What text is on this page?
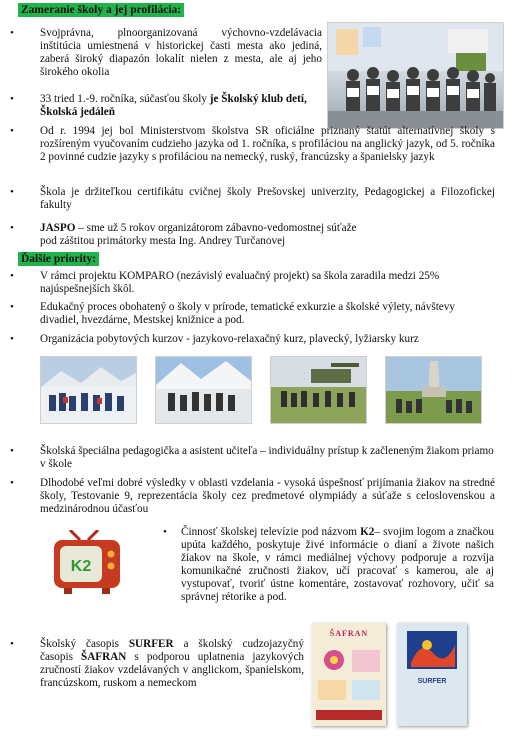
Zameranie školy a jej profilácia:
• Svojprávna, plnoorganizovaná výchovno-vzdelávacia inštitúcia umiestnená v historickej časti mesta ako jediná, zaberá široký diapazón lokalít nielen z mesta, ale aj jeho širokého okolia
• 33 tried 1.-9. ročníka, súčasťou školy je Školský klub detí, Školská jedáleň
• Od r. 1994 jej bol Ministerstvom školstva SR oficiálne priznaný štatút alternatívnej školy s rozšíreným vyučovaním cudzieho jazyka od 1. ročníka, s profiláciou na anglický jazyk, od 5. ročníka 2 povinné cudzie jazyky s profiláciou na nemecký, ruský, francúzsky a španielsky jazyk
• Škola je držiteľkou certifikátu cvičnej školy Prešovskej univerzity, Pedagogickej a Filozofickej fakulty
• JASPO – sme už 5 rokov organizátorom zábavno-vedomostnej súťaže pod záštitou primátorky mesta Ing. Andrey Turčanovej
Ďalšie priority:
• V rámci projektu KOMPARO (nezávislý evaluačný projekt) sa škola zaradila medzi 25% najúspešnejších škôl.
• Edukačný proces obohatený o školy v prírode, tematické exkurzie a školské výlety, návštevy divadiel, hvezdárne, Mestskej knižnice a pod.
• Organizácia pobytových kurzov - jazykovo-relaxačný kurz, plavecký, lyžiarsky kurz
• Školská špeciálna pedagogička a asistent učiteľa – individuálny prístup k začleneným žiakom priamo v škole
• Dlhodobé veľmi dobré výsledky v oblasti vzdelania - vysoká úspešnosť prijímania žiakov na stredné školy, Testovanie 9, reprezentácia školy cez predmetové olympiády a súťaže s celoslovenskou a medzinárodnou účasťou
K2
• Činnosť školskej televízie pod názvom K2– svojim logom a značkou upúta každého, poskytuje živé informácie o dianí a živote našich žiakov na škole, v rámci mediálnej výchovy podporuje a rozvíja komunikačné zručnosti žiakov, učí pracovať s kamerou, ale aj vystupovať, tvoriť ústne komentáre, zostavovať rozhovory, učiť sa správnej rétorike a pod.
• Školský časopis SURFER a školský cudzojazyčný časopis ŠAFRAN s podporou uplatnenia jazykových zručností žiakov vzdelávaných v anglickom, španielskom, francúzskom, ruskom a nemeckom
ŠAFRAN
SURFER
